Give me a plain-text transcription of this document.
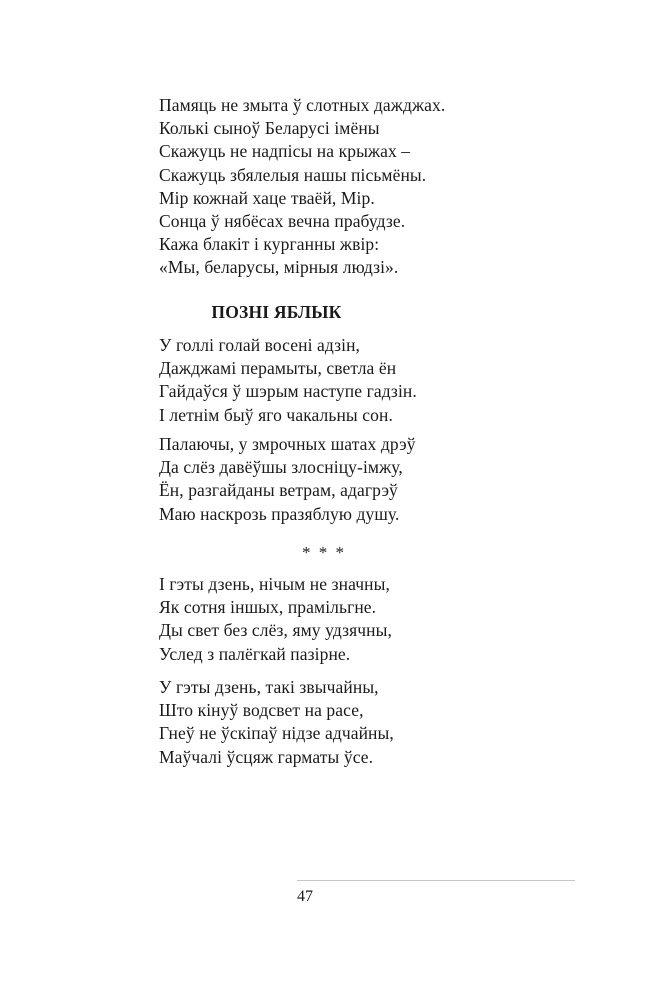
Памяць не змыта ў слотных дажджах.
Колькі сыноў Беларусі імёны
Скажуць не надпісы на крыжах –
Скажуць збялелыя нашы пісьмёны.
Мір кожнай хаце тваёй, Мір.
Сонца ў нябёсах вечна прабудзе.
Кажа блакіт і курганны жвір:
«Мы, беларусы, мірныя людзі».
ПОЗНІ ЯБЛЫК
У голлі голай восені адзін,
Дажджамі перамыты, светла ён
Гайдаўся ў шэрым наступе гадзін.
І летнім быў яго чакальны сон.
Палаючы, у змрочных шатах дрэў
Да слёз давёўшы злосніцу-імжу,
Ён, разгайданы ветрам, адагрэў
Маю наскрозь празяблую душу.
* * *
І гэты дзень, нічым не значны,
Як сотня іншых, прамільгне.
Ды свет без слёз, яму удзячны,
Услед з палёгкай пазірне.
У гэты дзень, такі звычайны,
Што кінуў водсвет на расе,
Гнеў не ўскіпаў нідзе адчайны,
Маўчалі ўсцяж гарматы ўсе.
47
